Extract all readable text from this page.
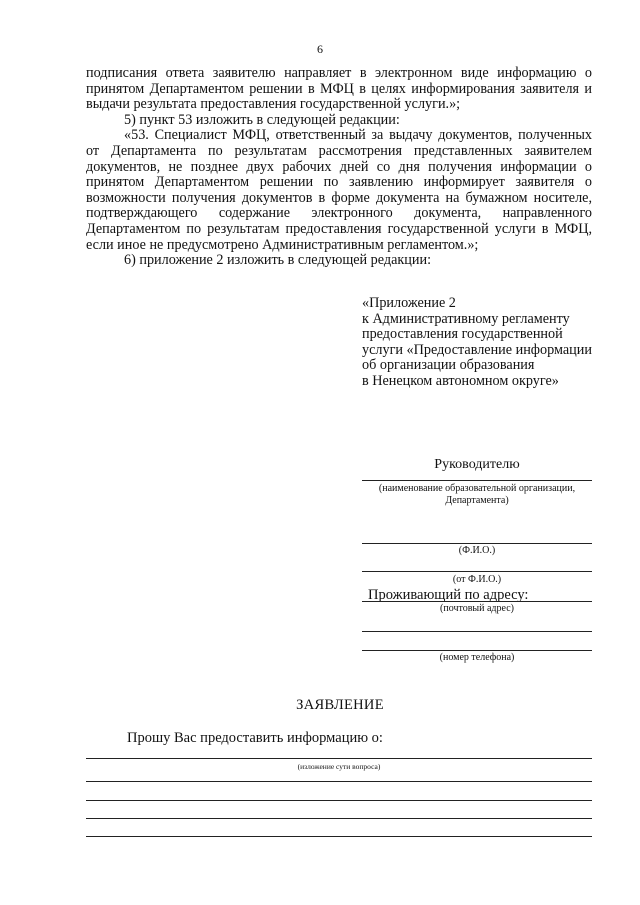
6

подписания ответа заявителю направляет в электронном виде информацию о принятом Департаментом решении в МФЦ в целях информирования заявителя и выдачи результата предоставления государственной услуги.»;

5) пункт 53 изложить в следующей редакции:

«53. Специалист МФЦ, ответственный за выдачу документов, полученных от Департамента по результатам рассмотрения представленных заявителем документов, не позднее двух рабочих дней со дня получения информации о принятом Департаментом решении по заявлению информирует заявителя о возможности получения документов в форме документа на бумажном носителе, подтверждающего содержание электронного документа, направленного Департаментом по результатам предоставления государственной услуги в МФЦ, если иное не предусмотрено Административным регламентом.»;

6) приложение 2 изложить в следующей редакции:

«Приложение 2
к Административному регламенту
предоставления государственной
услуги «Предоставление информации
об организации образования
в Ненецком автономном округе»
Руководителю
(наименование образовательной организации,
Департамента)
(Ф.И.О.)
(от Ф.И.О.)
Проживающий по адресу:
(почтовый адрес)
(номер телефона)
ЗАЯВЛЕНИЕ
Прошу Вас предоставить информацию о:
(изложение сути вопроса)
